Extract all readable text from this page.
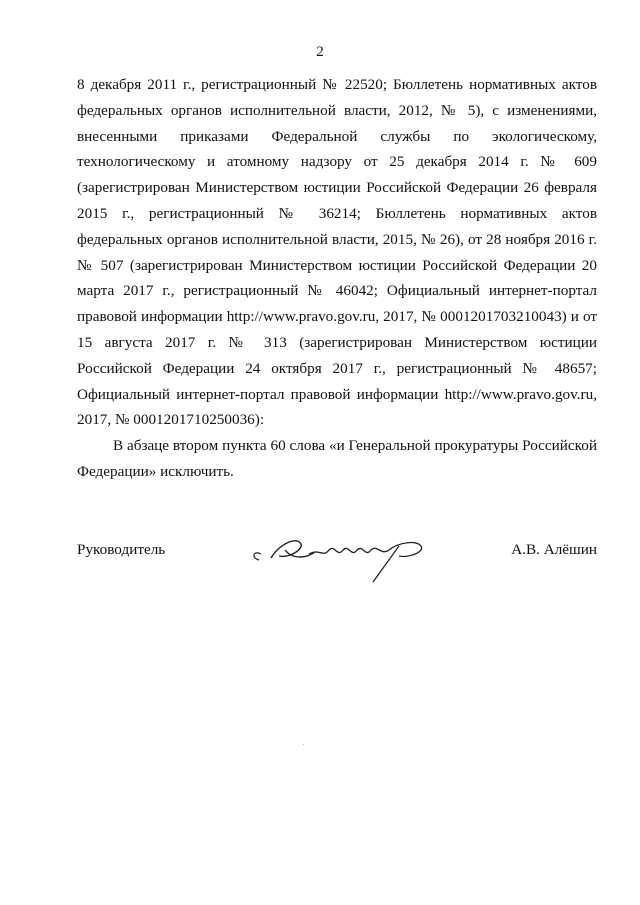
2

8 декабря 2011 г., регистрационный № 22520; Бюллетень нормативных актов федеральных органов исполнительной власти, 2012, № 5), с изменениями, внесенными приказами Федеральной службы по экологическому, технологическому и атомному надзору от 25 декабря 2014 г. № 609 (зарегистрирован Министерством юстиции Российской Федерации 26 февраля 2015 г., регистрационный № 36214; Бюллетень нормативных актов федеральных органов исполнительной власти, 2015, № 26), от 28 ноября 2016 г. № 507 (зарегистрирован Министерством юстиции Российской Федерации 20 марта 2017 г., регистрационный № 46042; Официальный интернет-портал правовой информации http://www.pravo.gov.ru, 2017, № 0001201703210043) и от 15 августа 2017 г. № 313 (зарегистрирован Министерством юстиции Российской Федерации 24 октября 2017 г., регистрационный № 48657; Официальный интернет-портал правовой информации http://www.pravo.gov.ru, 2017, № 0001201710250036):

В абзаце втором пункта 60 слова «и Генеральной прокуратуры Российской Федерации» исключить.

Руководитель	А.В. Алёшин
